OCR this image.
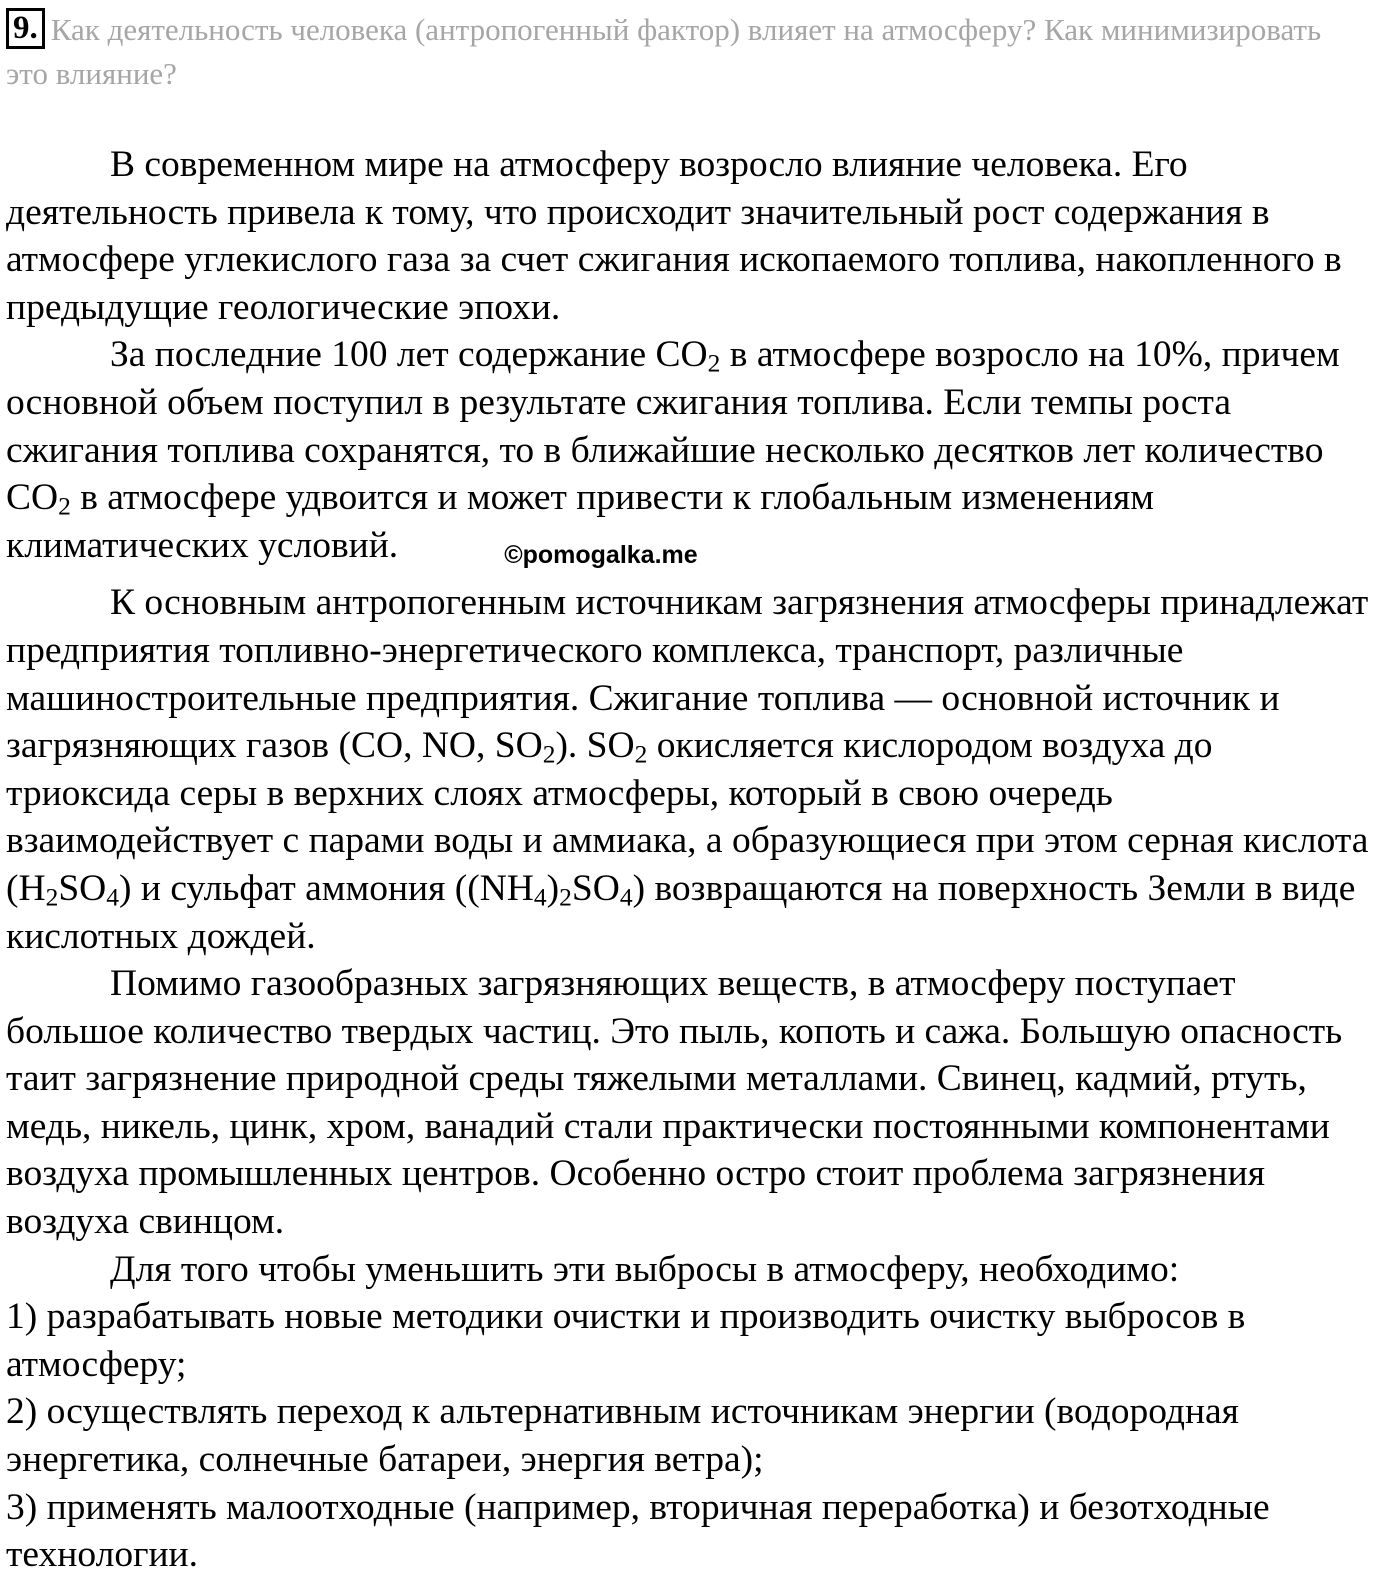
9. Как деятельность человека (антропогенный фактор) влияет на атмосферу? Как минимизировать это влияние?

В современном мире на атмосферу возросло влияние человека. Его деятельность привела к тому, что происходит значительный рост содержания в атмосфере углекислого газа за счет сжигания ископаемого топлива, накопленного в предыдущие геологические эпохи.

За последние 100 лет содержание $CO_2$ в атмосфере возросло на 10%, причем основной объем поступил в результате сжигания топлива. Если темпы роста сжигания топлива сохранятся, то в ближайшие несколько десятков лет количество $CO_2$ в атмосфере удвоится и может привести к глобальным изменениям климатических условий.	©pomogalka.me

К основным антропогенным источникам загрязнения атмосферы принадлежат предприятия топливно-энергетического комплекса, транспорт, различные машиностроительные предприятия. Сжигание топлива — основной источник и загрязняющих газов (CO, NO, $SO_2$). $SO_2$ окисляется кислородом воздуха до триоксида серы в верхних слоях атмосферы, который в свою очередь взаимодействует с парами воды и аммиака, а образующиеся при этом серная кислота $(H_2SO_4)$ и сульфат аммония $((NH_4)_2SO_4)$ возвращаются на поверхность Земли в виде кислотных дождей.

Помимо газообразных загрязняющих веществ, в атмосферу поступает большое количество твердых частиц. Это пыль, копоть и сажа. Большую опасность таит загрязнение природной среды тяжелыми металлами. Свинец, кадмий, ртуть, медь, никель, цинк, хром, ванадий стали практически постоянными компонентами воздуха промышленных центров. Особенно остро стоит проблема загрязнения воздуха свинцом.

Для того чтобы уменьшить эти выбросы в атмосферу, необходимо:

1) разрабатывать новые методики очистки и производить очистку выбросов в атмосферу;

2) осуществлять переход к альтернативным источникам энергии (водородная энергетика, солнечные батареи, энергия ветра);

3) применять малоотходные (например, вторичная переработка) и безотходные технологии.
